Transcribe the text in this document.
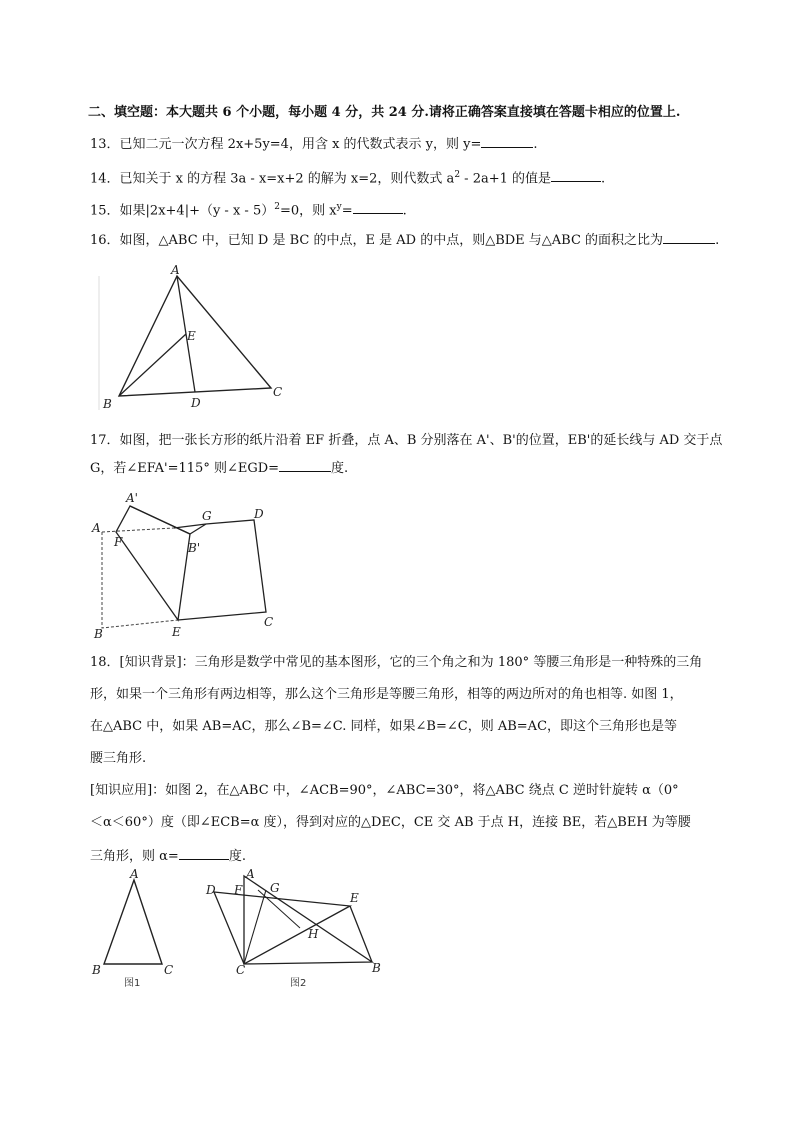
二、填空题：本大题共 6 个小题，每小题 4 分，共 24 分.请将正确答案直接填在答题卡相应的位置上.
13．已知二元一次方程 2x+5y=4，用含 x 的代数式表示 y，则 y=	.
14．已知关于 x 的方程 3a - x=x+2 的解为 x=2，则代数式 $a^2 - 2a+1$ 的值是	.
15．如果|2x+4|+（y - x - 5）$^2$=0，则 $x^y=$	.
16．如图，△ABC 中，已知 D 是 BC 的中点，E 是 AD 的中点，则△BDE 与△ABC 的面积之比为	.
A
E
B	D
C
17．如图，把一张长方形的纸片沿着 EF 折叠，点 A、B 分别落在 A'、B'的位置，EB'的延长线与 AD 交于点
G，若∠EFA'=115° 则∠EGD=	度.
A'
A
F
G	D
B'
B	E
C
18．[知识背景]：三角形是数学中常见的基本图形，它的三个角之和为 180° 等腰三角形是一种特殊的三角
形，如果一个三角形有两边相等，那么这个三角形是等腰三角形，相等的两边所对的角也相等. 如图 1，
在△ABC 中，如果 AB=AC，那么∠B=∠C. 同样，如果∠B=∠C，则 AB=AC，即这个三角形也是等
腰三角形.
[知识应用]：如图 2，在△ABC 中，∠ACB=90°，∠ABC=30°，将△ABC 绕点 C 逆时针旋转 α（0°
＜α＜60°）度（即∠ECB=α 度），得到对应的△DEC，CE 交 AB 于点 H，连接 BE，若△BEH 为等腰
三角形，则 α=	度.
A
B	C
图1
D F
A
G
E
H
C	B
图2
